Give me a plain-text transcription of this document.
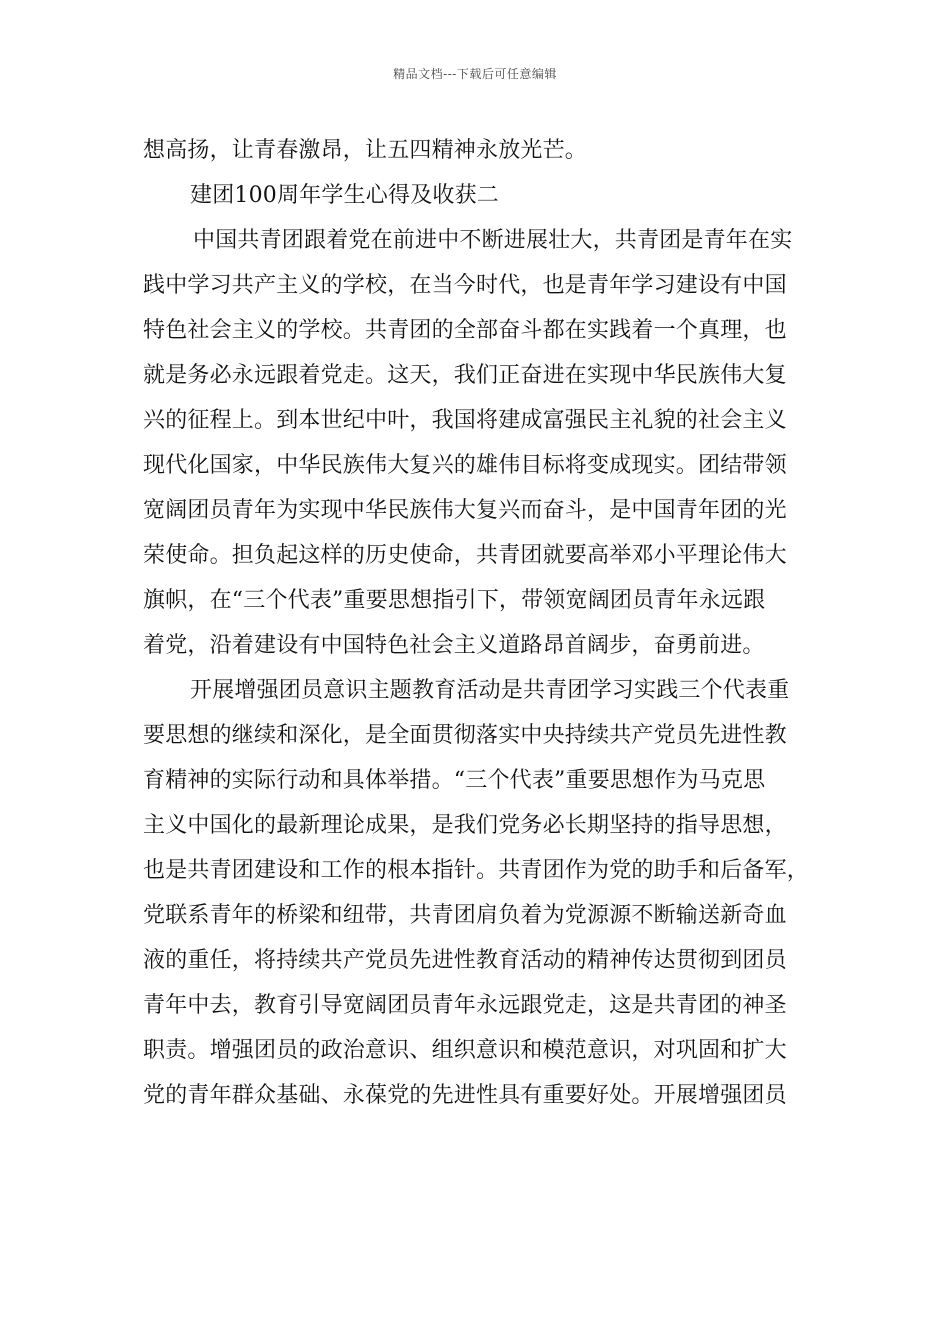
精品文档---下载后可任意编辑
想高扬，让青春激昂，让五四精神永放光芒。
建团100周年学生心得及收获二
中国共青团跟着党在前进中不断进展壮大，共青团是青年在实
践中学习共产主义的学校，在当今时代，也是青年学习建设有中国
特色社会主义的学校。共青团的全部奋斗都在实践着一个真理，也
就是务必永远跟着党走。这天，我们正奋进在实现中华民族伟大复
兴的征程上。到本世纪中叶，我国将建成富强民主礼貌的社会主义
现代化国家，中华民族伟大复兴的雄伟目标将变成现实。团结带领
宽阔团员青年为实现中华民族伟大复兴而奋斗，是中国青年团的光
荣使命。担负起这样的历史使命，共青团就要高举邓小平理论伟大
旗帜，在“三个代表”重要思想指引下，带领宽阔团员青年永远跟
着党，沿着建设有中国特色社会主义道路昂首阔步，奋勇前进。
开展增强团员意识主题教育活动是共青团学习实践三个代表重
要思想的继续和深化，是全面贯彻落实中央持续共产党员先进性教
育精神的实际行动和具体举措。“三个代表”重要思想作为马克思
主义中国化的最新理论成果，是我们党务必长期坚持的指导思想，
也是共青团建设和工作的根本指针。共青团作为党的助手和后备军，
党联系青年的桥梁和纽带，共青团肩负着为党源源不断输送新奇血
液的重任，将持续共产党员先进性教育活动的精神传达贯彻到团员
青年中去，教育引导宽阔团员青年永远跟党走，这是共青团的神圣
职责。增强团员的政治意识、组织意识和模范意识，对巩固和扩大
党的青年群众基础、永葆党的先进性具有重要好处。开展增强团员
